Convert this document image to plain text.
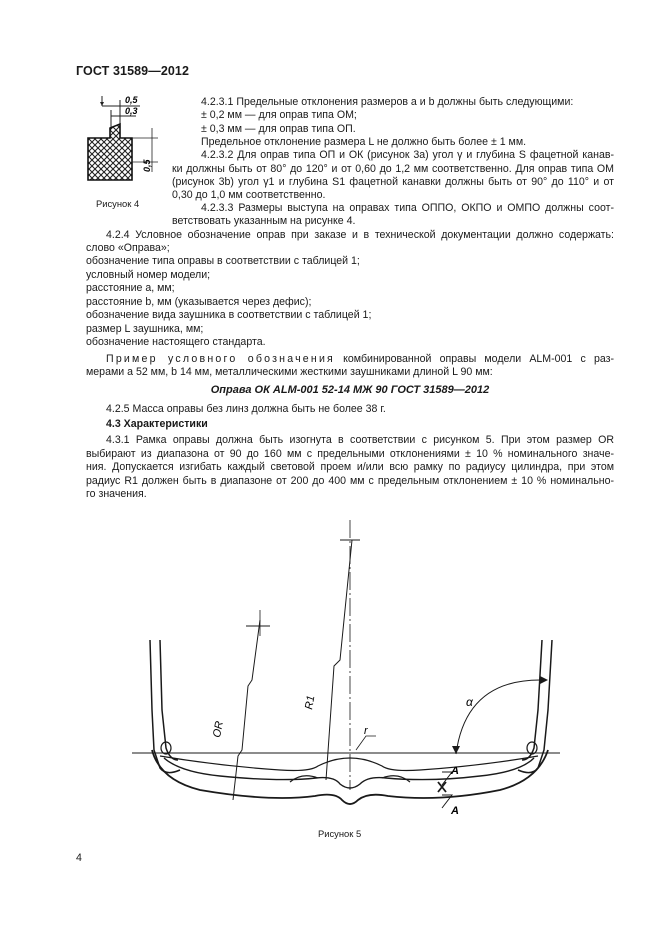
ГОСТ 31589—2012
0,5
0,3
0,5
Рисунок 4
4.2.3.1 Предельные отклонения размеров a и b должны быть следующими:
± 0,2 мм — для оправ типа ОМ;
± 0,3 мм — для оправ типа ОП.
Предельное отклонение размера L не должно быть более ± 1 мм.
4.2.3.2 Для оправ типа ОП и ОК (рисунок 3а) угол γ и глубина S фацетной канав-
ки должны быть от 80° до 120° и от 0,60 до 1,2 мм соответственно. Для оправ типа ОМ
(рисунок 3b) угол γ1 и глубина S1 фацетной канавки должны быть от 90° до 110° и от
0,30 до 1,0 мм соответственно.
4.2.3.3 Размеры выступа на оправах типа ОППО, ОКПО и ОМПО должны соот-
ветствовать указанным на рисунке 4.
4.2.4 Условное обозначение оправ при заказе и в технической документации должно содержать:
слово «Оправа»;
обозначение типа оправы в соответствии с таблицей 1;
условный номер модели;
расстояние a, мм;
расстояние b, мм (указывается через дефис);
обозначение вида заушника в соответствии с таблицей 1;
размер L заушника, мм;
обозначение настоящего стандарта.
Пример условного обозначения комбинированной оправы модели ALM-001 с раз-
мерами a 52 мм, b 14 мм, металлическими жесткими заушниками длиной L 90 мм:
Оправа ОК ALM-001 52-14 МЖ 90 ГОСТ 31589—2012
4.2.5 Масса оправы без линз должна быть не более 38 г.
4.3 Характеристики
4.3.1 Рамка оправы должна быть изогнута в соответствии с рисунком 5. При этом размер OR
выбирают из диапазона от 90 до 160 мм с предельными отклонениями ± 10 % номинального значе-
ния. Допускается изгибать каждый световой проем и/или всю рамку по радиусу цилиндра, при этом
радиус R1 должен быть в диапазоне от 200 до 400 мм с предельным отклонением ± 10 % номинально-
го значения.
OR
R1
r
α
A
A
Рисунок 5
4
